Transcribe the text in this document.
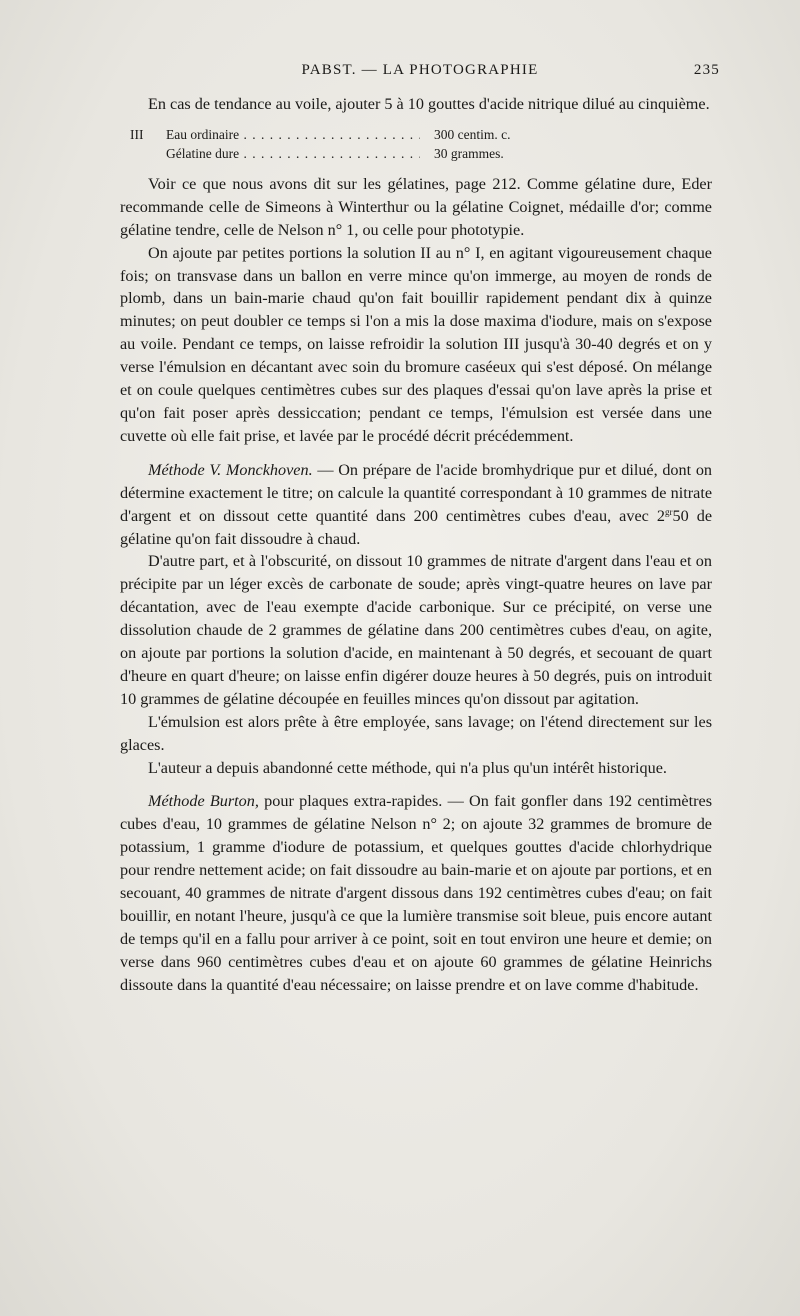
PABST. — LA PHOTOGRAPHIE	235

En cas de tendance au voile, ajouter 5 à 10 gouttes d'acide nitrique dilué au cinquième.

III	Eau ordinaire . . .	300 centim. c.
Gélatine dure . . .	30 grammes.

Voir ce que nous avons dit sur les gélatines, page 212. Comme gélatine dure, Eder recommande celle de Simeons à Winterthur ou la gélatine Coignet, médaille d'or; comme gélatine tendre, celle de Nelson n° 1, ou celle pour phototypie.

On ajoute par petites portions la solution II au n° I, en agitant vigoureusement chaque fois; on transvase dans un ballon en verre mince qu'on immerge, au moyen de ronds de plomb, dans un bain-marie chaud qu'on fait bouillir rapidement pendant dix à quinze minutes; on peut doubler ce temps si l'on a mis la dose maxima d'iodure, mais on s'expose au voile. Pendant ce temps, on laisse refroidir la solution III jusqu'à 30-40 degrés et on y verse l'émulsion en décantant avec soin du bromure caséeux qui s'est déposé. On mélange et on coule quelques centimètres cubes sur des plaques d'essai qu'on lave après la prise et qu'on fait poser après dessiccation; pendant ce temps, l'émulsion est versée dans une cuvette où elle fait prise, et lavée par le procédé décrit précédemment.

Méthode V. Monckhoven. — On prépare de l'acide bromhydrique pur et dilué, dont on détermine exactement le titre; on calcule la quantité correspondant à 10 grammes de nitrate d'argent et on dissout cette quantité dans 200 centimètres cubes d'eau, avec $2^{gr}50$ de gélatine qu'on fait dissoudre à chaud.

D'autre part, et à l'obscurité, on dissout 10 grammes de nitrate d'argent dans l'eau et on précipite par un léger excès de carbonate de soude; après vingt-quatre heures on lave par décantation, avec de l'eau exempte d'acide carbonique. Sur ce précipité, on verse une dissolution chaude de 2 grammes de gélatine dans 200 centimètres cubes d'eau, on agite, on ajoute par portions la solution d'acide, en maintenant à 50 degrés, et secouant de quart d'heure en quart d'heure; on laisse enfin digérer douze heures à 50 degrés, puis on introduit 10 grammes de gélatine découpée en feuilles minces qu'on dissout par agitation.

L'émulsion est alors prête à être employée, sans lavage; on l'étend directement sur les glaces.

L'auteur a depuis abandonné cette méthode, qui n'a plus qu'un intérêt historique.

Méthode Burton, pour plaques extra-rapides. — On fait gonfler dans 192 centimètres cubes d'eau, 10 grammes de gélatine Nelson n° 2; on ajoute 32 grammes de bromure de potassium, 1 gramme d'iodure de potassium, et quelques gouttes d'acide chlorhydrique pour rendre nettement acide; on fait dissoudre au bain-marie et on ajoute par portions, et en secouant, 40 grammes de nitrate d'argent dissous dans 192 centimètres cubes d'eau; on fait bouillir, en notant l'heure, jusqu'à ce que la lumière transmise soit bleue, puis encore autant de temps qu'il en a fallu pour arriver à ce point, soit en tout environ une heure et demie; on verse dans 960 centimètres cubes d'eau et on ajoute 60 grammes de gélatine Heinrichs dissoute dans la quantité d'eau nécessaire; on laisse prendre et on lave comme d'habitude.
